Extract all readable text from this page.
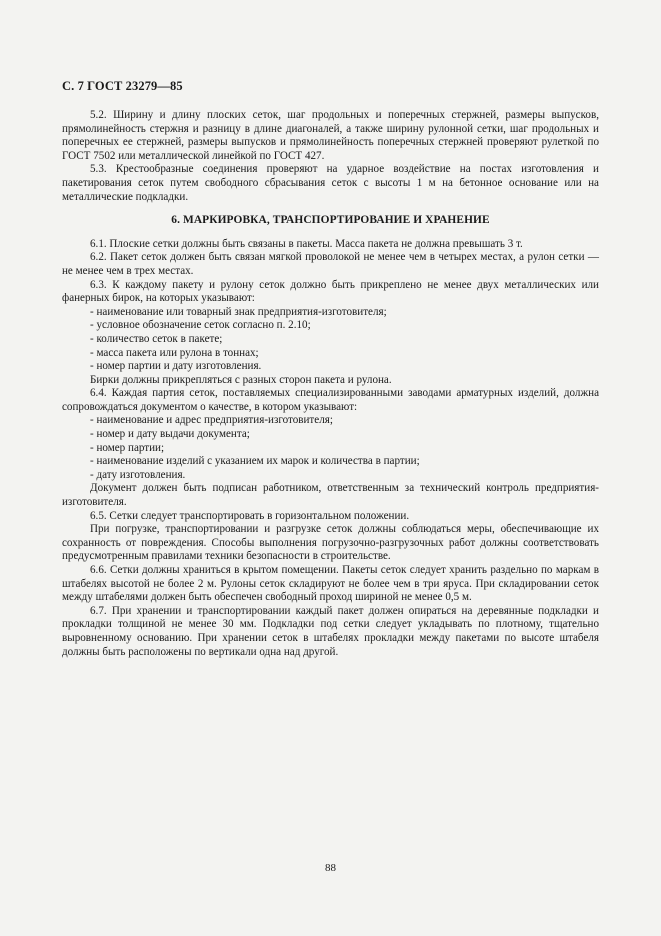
С. 7 ГОСТ 23279—85

5.2. Ширину и длину плоских сеток, шаг продольных и поперечных стержней, размеры выпусков, прямолинейность стержня и разницу в длине диагоналей, а также ширину рулонной сетки, шаг продольных и поперечных ее стержней, размеры выпусков и прямолинейность поперечных стержней проверяют рулеткой по ГОСТ 7502 или металлической линейкой по ГОСТ 427.

5.3. Крестообразные соединения проверяют на ударное воздействие на постах изготовления и пакетирования сеток путем свободного сбрасывания сеток с высоты 1 м на бетонное основание или на металлические подкладки.

6. МАРКИРОВКА, ТРАНСПОРТИРОВАНИЕ И ХРАНЕНИЕ

6.1. Плоские сетки должны быть связаны в пакеты. Масса пакета не должна превышать 3 т.

6.2. Пакет сеток должен быть связан мягкой проволокой не менее чем в четырех местах, а рулон сетки — не менее чем в трех местах.

6.3. К каждому пакету и рулону сеток должно быть прикреплено не менее двух металлических или фанерных бирок, на которых указывают:

- наименование или товарный знак предприятия-изготовителя;

- условное обозначение сеток согласно п. 2.10;

- количество сеток в пакете;

- масса пакета или рулона в тоннах;

- номер партии и дату изготовления.

Бирки должны прикрепляться с разных сторон пакета и рулона.

6.4. Каждая партия сеток, поставляемых специализированными заводами арматурных изделий, должна сопровождаться документом о качестве, в котором указывают:

- наименование и адрес предприятия-изготовителя;

- номер и дату выдачи документа;

- номер партии;

- наименование изделий с указанием их марок и количества в партии;

- дату изготовления.

Документ должен быть подписан работником, ответственным за технический контроль предприятия-изготовителя.

6.5. Сетки следует транспортировать в горизонтальном положении.

При погрузке, транспортировании и разгрузке сеток должны соблюдаться меры, обеспечивающие их сохранность от повреждения. Способы выполнения погрузочно-разгрузочных работ должны соответствовать предусмотренным правилами техники безопасности в строительстве.

6.6. Сетки должны храниться в крытом помещении. Пакеты сеток следует хранить раздельно по маркам в штабелях высотой не более 2 м. Рулоны сеток складируют не более чем в три яруса. При складировании сеток между штабелями должен быть обеспечен свободный проход шириной не менее 0,5 м.

6.7. При хранении и транспортировании каждый пакет должен опираться на деревянные подкладки и прокладки толщиной не менее 30 мм. Подкладки под сетки следует укладывать по плотному, тщательно выровненному основанию. При хранении сеток в штабелях прокладки между пакетами по высоте штабеля должны быть расположены по вертикали одна над другой.

88
